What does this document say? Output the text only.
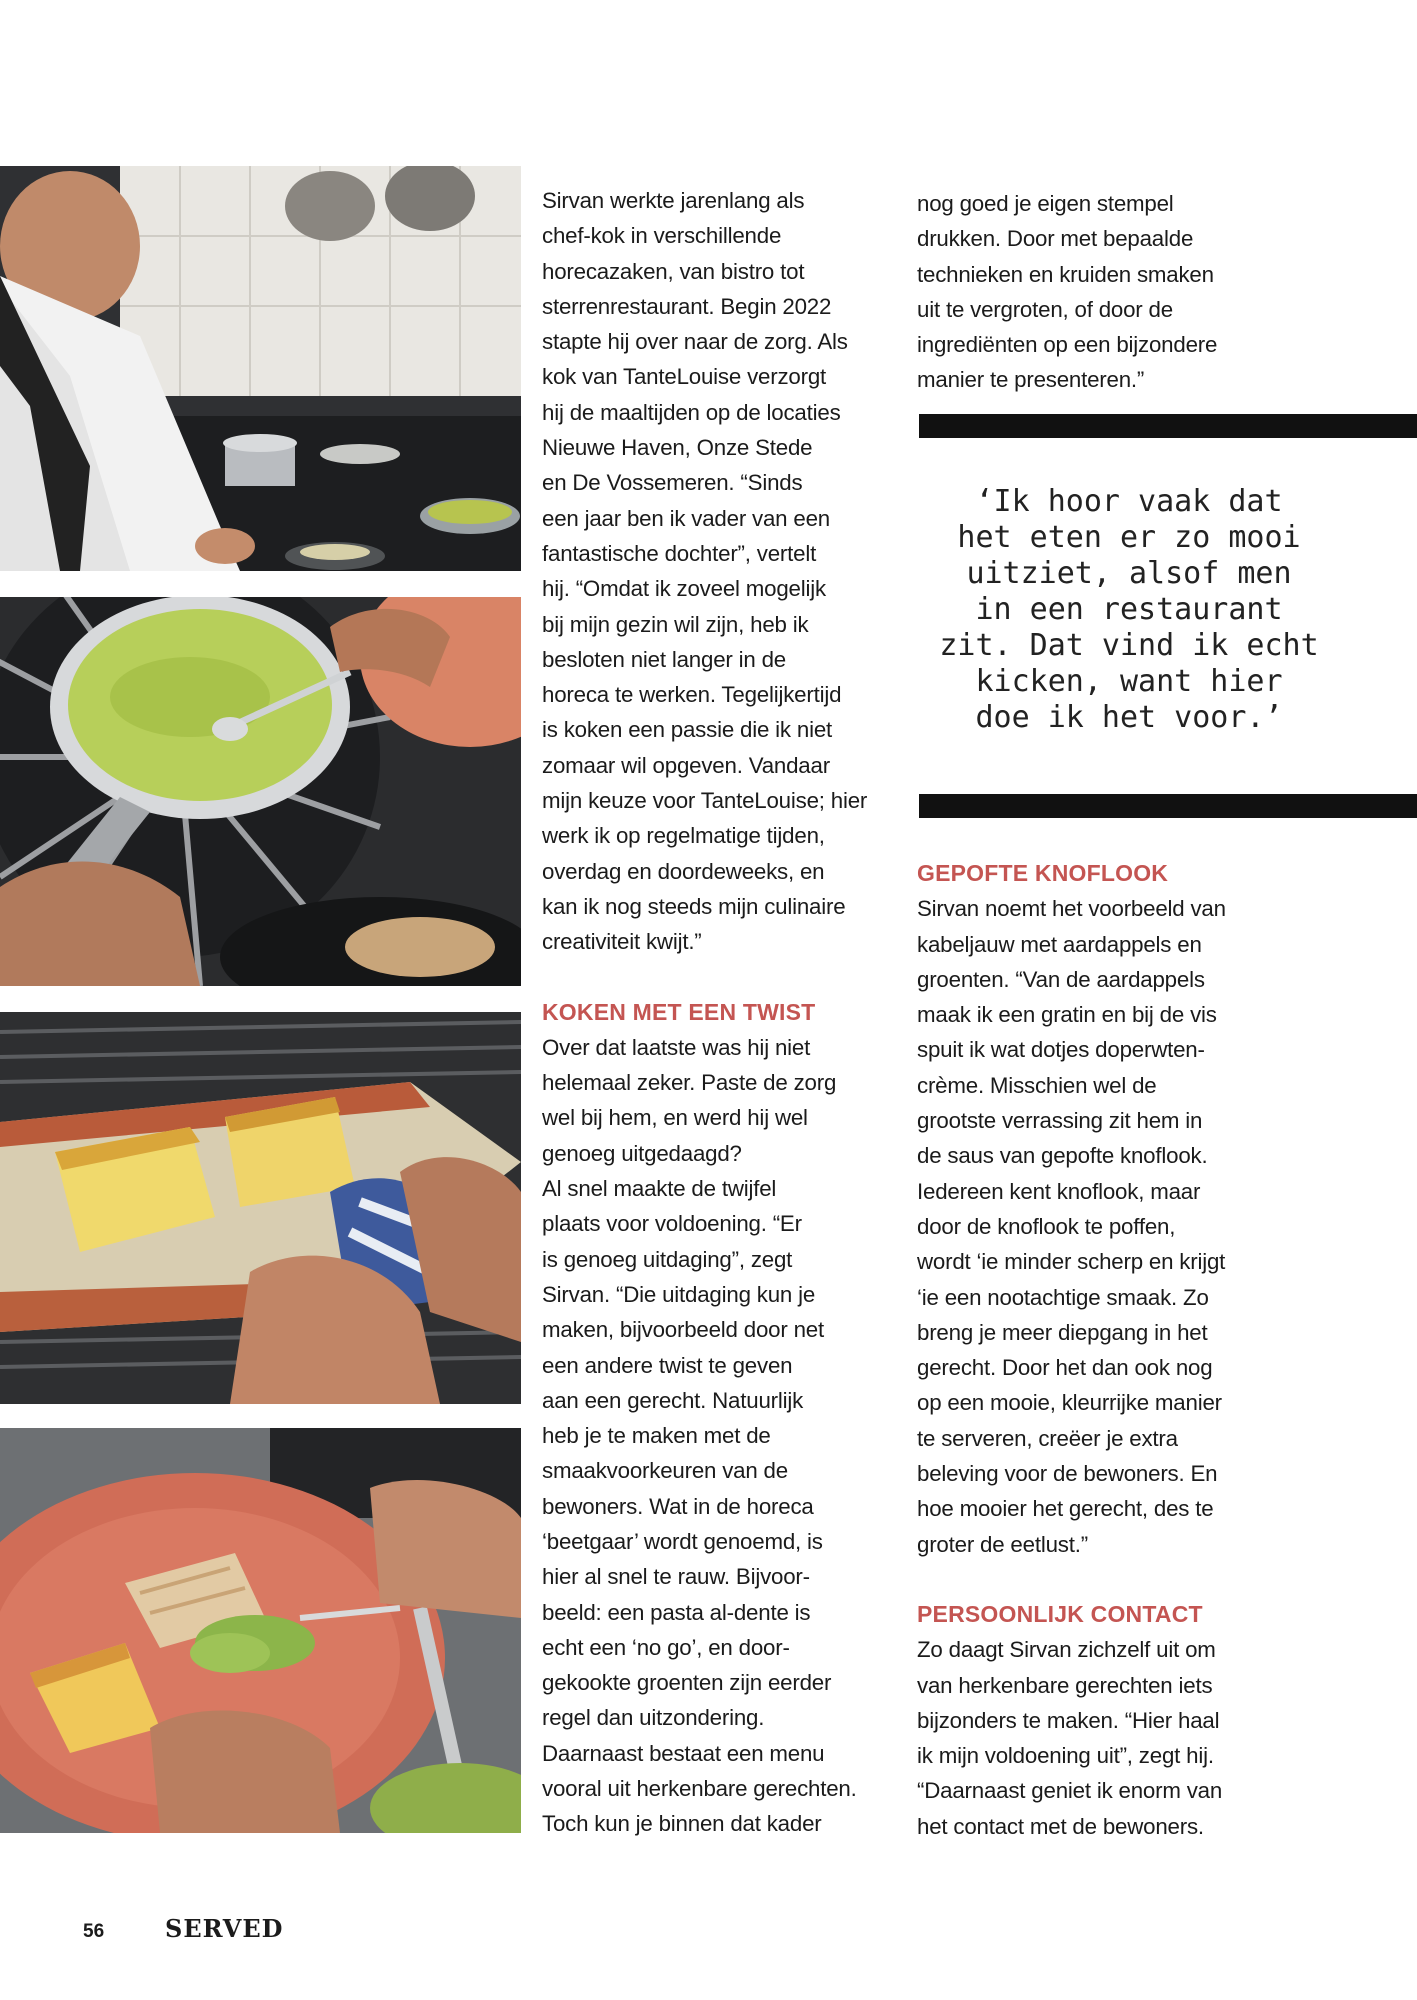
Sirvan werkte jarenlang als
chef-kok in verschillende
horecazaken, van bistro tot
sterrenrestaurant. Begin 2022
stapte hij over naar de zorg. Als
kok van TanteLouise verzorgt
hij de maaltijden op de locaties
Nieuwe Haven, Onze Stede
en De Vossemeren. “Sinds
een jaar ben ik vader van een
fantastische dochter”, vertelt
hij. “Omdat ik zoveel mogelijk
bij mijn gezin wil zijn, heb ik
besloten niet langer in de
horeca te werken. Tegelijkertijd
is koken een passie die ik niet
zomaar wil opgeven. Vandaar
mijn keuze voor TanteLouise; hier
werk ik op regelmatige tijden,
overdag en doordeweeks, en
kan ik nog steeds mijn culinaire
creativiteit kwijt.”

KOKEN MET EEN TWIST

Over dat laatste was hij niet
helemaal zeker. Paste de zorg
wel bij hem, en werd hij wel
genoeg uitgedaagd?
Al snel maakte de twijfel
plaats voor voldoening. “Er
is genoeg uitdaging”, zegt
Sirvan. “Die uitdaging kun je
maken, bijvoorbeeld door net
een andere twist te geven
aan een gerecht. Natuurlijk
heb je te maken met de
smaakvoorkeuren van de
bewoners. Wat in de horeca
‘beetgaar’ wordt genoemd, is
hier al snel te rauw. Bijvoor-
beeld: een pasta al-dente is
echt een ‘no go’, en door-
gekookte groenten zijn eerder
regel dan uitzondering.
Daarnaast bestaat een menu
vooral uit herkenbare gerechten.
Toch kun je binnen dat kader

nog goed je eigen stempel
drukken. Door met bepaalde
technieken en kruiden smaken
uit te vergroten, of door de
ingrediënten op een bijzondere
manier te presenteren.”

‘Ik hoor vaak dat
het eten er zo mooi
uitziet, alsof men
in een restaurant
zit. Dat vind ik echt
kicken, want hier
doe ik het voor.’
GEPOFTE KNOFLOOK

Sirvan noemt het voorbeeld van
kabeljauw met aardappels en
groenten. “Van de aardappels
maak ik een gratin en bij de vis
spuit ik wat dotjes doperwten-
crème. Misschien wel de
grootste verrassing zit hem in
de saus van gepofte knoflook.
Iedereen kent knoflook, maar
door de knoflook te poffen,
wordt ‘ie minder scherp en krijgt
‘ie een nootachtige smaak. Zo
breng je meer diepgang in het
gerecht. Door het dan ook nog
op een mooie, kleurrijke manier
te serveren, creëer je extra
beleving voor de bewoners. En
hoe mooier het gerecht, des te
groter de eetlust.”

PERSOONLIJK CONTACT

Zo daagt Sirvan zichzelf uit om
van herkenbare gerechten iets
bijzonders te maken. “Hier haal
ik mijn voldoening uit”, zegt hij.
“Daarnaast geniet ik enorm van
het contact met de bewoners.

56	SERVED
